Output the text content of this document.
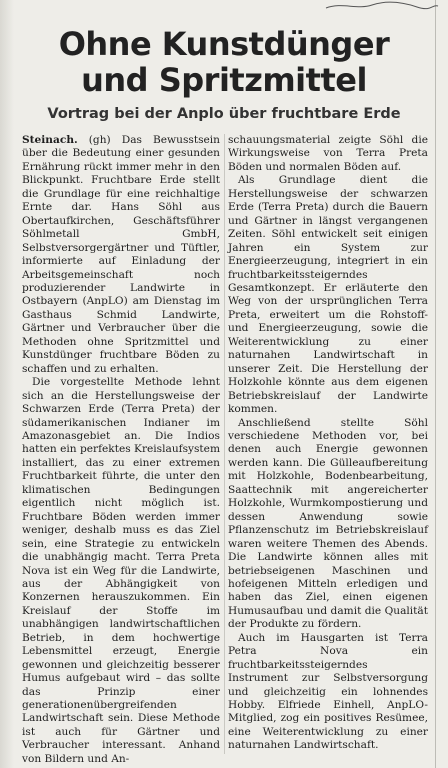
Ohne Kunstdünger
und Spritzmittel
Vortrag bei der Anplo über fruchtbare Erde

Steinach. (gh) Das Bewusstsein über die Bedeutung einer gesunden Ernährung rückt immer mehr in den Blickpunkt. Fruchtbare Erde stellt die Grundlage für eine reichhaltige Ernte dar. Hans Söhl aus Obertaufkirchen, Geschäftsführer Söhlmetall GmbH, Selbstversorgergärtner und Tüftler, informierte auf Einladung der Arbeitsgemeinschaft noch produzierender Landwirte in Ostbayern (AnpLO) am Dienstag im Gasthaus Schmid Landwirte, Gärtner und Verbraucher über die Methoden ohne Spritzmittel und Kunstdünger fruchtbare Böden zu schaffen und zu erhalten.

Die vorgestellte Methode lehnt sich an die Herstellungsweise der Schwarzen Erde (Terra Preta) der südamerikanischen Indianer im Amazonasgebiet an. Die Indios hatten ein perfektes Kreislaufsystem installiert, das zu einer extremen Fruchtbarkeit führte, die unter den klimatischen Bedingungen eigentlich nicht möglich ist. Fruchtbare Böden werden immer weniger, deshalb muss es das Ziel sein, eine Strategie zu entwickeln die unabhängig macht. Terra Preta Nova ist ein Weg für die Landwirte, aus der Abhängigkeit von Konzernen herauszukommen. Ein Kreislauf der Stoffe im unabhängigen landwirtschaftlichen Betrieb, in dem hochwertige Lebensmittel erzeugt, Energie gewonnen und gleichzeitig besserer Humus aufgebaut wird – das sollte das Prinzip einer generationenübergreifenden Landwirtschaft sein. Diese Methode ist auch für Gärtner und Verbraucher interessant. Anhand von Bildern und An-

schauungsmaterial zeigte Söhl die Wirkungsweise von Terra Preta Böden und normalen Böden auf.

Als Grundlage dient die Herstellungsweise der schwarzen Erde (Terra Preta) durch die Bauern und Gärtner in längst vergangenen Zeiten. Söhl entwickelt seit einigen Jahren ein System zur Energieerzeugung, integriert in ein fruchtbarkeitssteigerndes Gesamtkonzept. Er erläuterte den Weg von der ursprünglichen Terra Preta, erweitert um die Rohstoff- und Energieerzeugung, sowie die Weiterentwicklung zu einer naturnahen Landwirtschaft in unserer Zeit. Die Herstellung der Holzkohle könnte aus dem eigenen Betriebskreislauf der Landwirte kommen.

Anschließend stellte Söhl verschiedene Methoden vor, bei denen auch Energie gewonnen werden kann. Die Gülleaufbereitung mit Holzkohle, Bodenbearbeitung, Saattechnik mit angereicherter Holzkohle, Wurmkompostierung und dessen Anwendung sowie Pflanzenschutz im Betriebskreislauf waren weitere Themen des Abends. Die Landwirte können alles mit betriebseigenen Maschinen und hofeigenen Mitteln erledigen und haben das Ziel, einen eigenen Humusaufbau und damit die Qualität der Produkte zu fördern.

Auch im Hausgarten ist Terra Petra Nova ein fruchtbarkeitssteigerndes Instrument zur Selbstversorgung und gleichzeitig ein lohnendes Hobby. Elfriede Einhell, AnpLO-Mitglied, zog ein positives Resümee, eine Weiterentwicklung zu einer naturnahen Landwirtschaft.
